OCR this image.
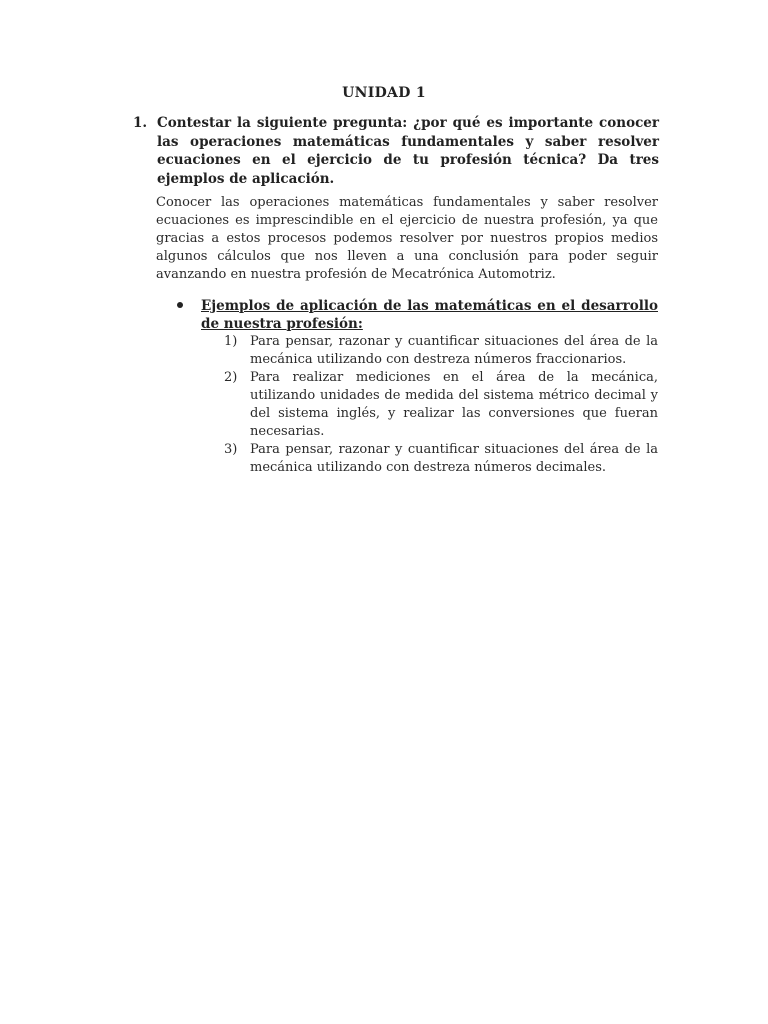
UNIDAD 1
1. Contestar la siguiente pregunta: ¿por qué es importante conocer las operaciones matemáticas fundamentales y saber resolver ecuaciones en el ejercicio de tu profesión técnica? Da tres ejemplos de aplicación.
Conocer las operaciones matemáticas fundamentales y saber resolver ecuaciones es imprescindible en el ejercicio de nuestra profesión, ya que gracias a estos procesos podemos resolver por nuestros propios medios algunos cálculos que nos lleven a una conclusión para poder seguir avanzando en nuestra profesión de Mecatrónica Automotriz.
Ejemplos de aplicación de las matemáticas en el desarrollo de nuestra profesión:
1) Para pensar, razonar y cuantificar situaciones del área de la mecánica utilizando con destreza números fraccionarios.
2) Para realizar mediciones en el área de la mecánica, utilizando unidades de medida del sistema métrico decimal y del sistema inglés, y realizar las conversiones que fueran necesarias.
3) Para pensar, razonar y cuantificar situaciones del área de la mecánica utilizando con destreza números decimales.
